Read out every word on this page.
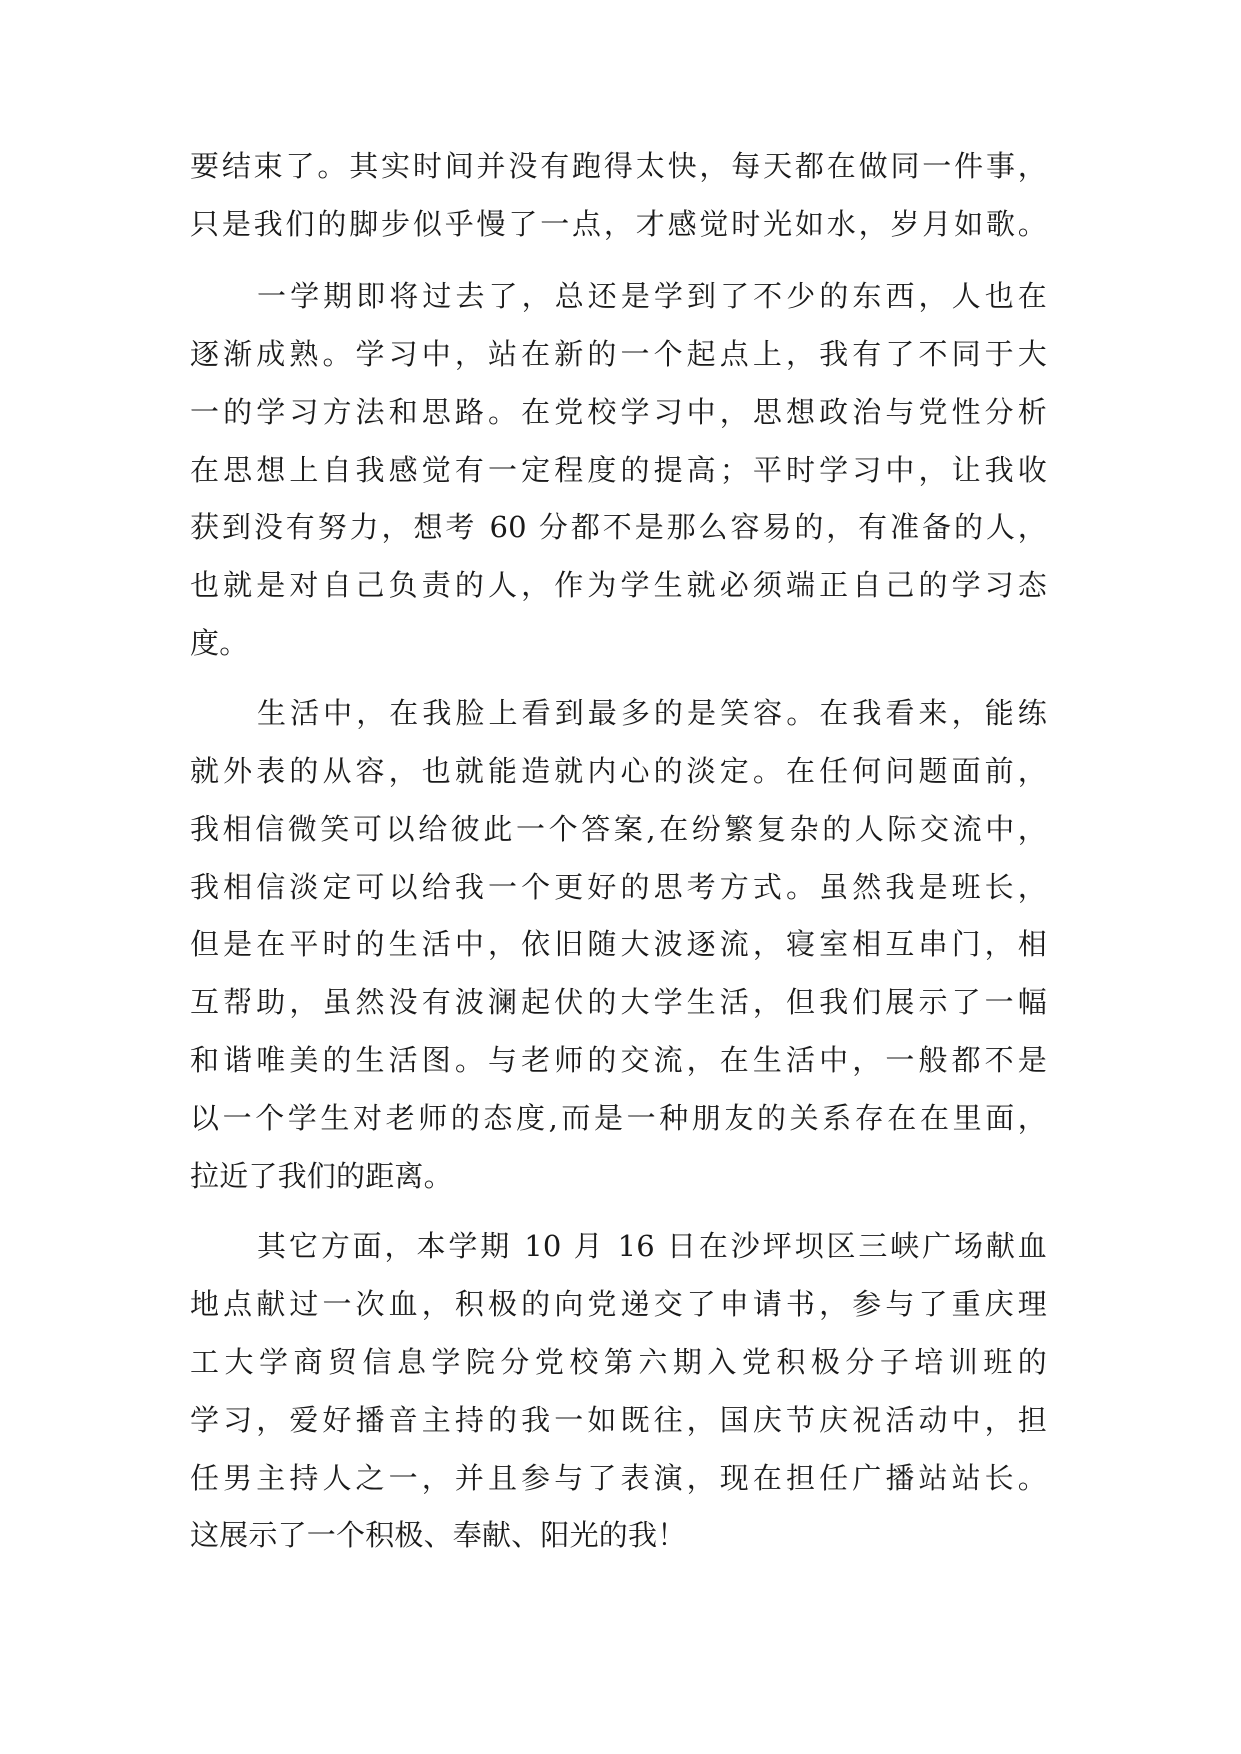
要结束了。其实时间并没有跑得太快，每天都在做同一件事，
只是我们的脚步似乎慢了一点，才感觉时光如水，岁月如歌。
一学期即将过去了，总还是学到了不少的东西，人也在
逐渐成熟。学习中，站在新的一个起点上，我有了不同于大
一的学习方法和思路。在党校学习中，思想政治与党性分析
在思想上自我感觉有一定程度的提高；平时学习中，让我收
获到没有努力，想考 60 分都不是那么容易的，有准备的人，
也就是对自己负责的人，作为学生就必须端正自己的学习态
度。
生活中，在我脸上看到最多的是笑容。在我看来，能练
就外表的从容，也就能造就内心的淡定。在任何问题面前，
我相信微笑可以给彼此一个答案,在纷繁复杂的人际交流中，
我相信淡定可以给我一个更好的思考方式。虽然我是班长，
但是在平时的生活中，依旧随大波逐流，寝室相互串门，相
互帮助，虽然没有波澜起伏的大学生活，但我们展示了一幅
和谐唯美的生活图。与老师的交流，在生活中，一般都不是
以一个学生对老师的态度,而是一种朋友的关系存在在里面，
拉近了我们的距离。
其它方面，本学期 10 月 16 日在沙坪坝区三峡广场献血
地点献过一次血，积极的向党递交了申请书，参与了重庆理
工大学商贸信息学院分党校第六期入党积极分子培训班的
学习，爱好播音主持的我一如既往，国庆节庆祝活动中，担
任男主持人之一，并且参与了表演，现在担任广播站站长。
这展示了一个积极、奉献、阳光的我！
